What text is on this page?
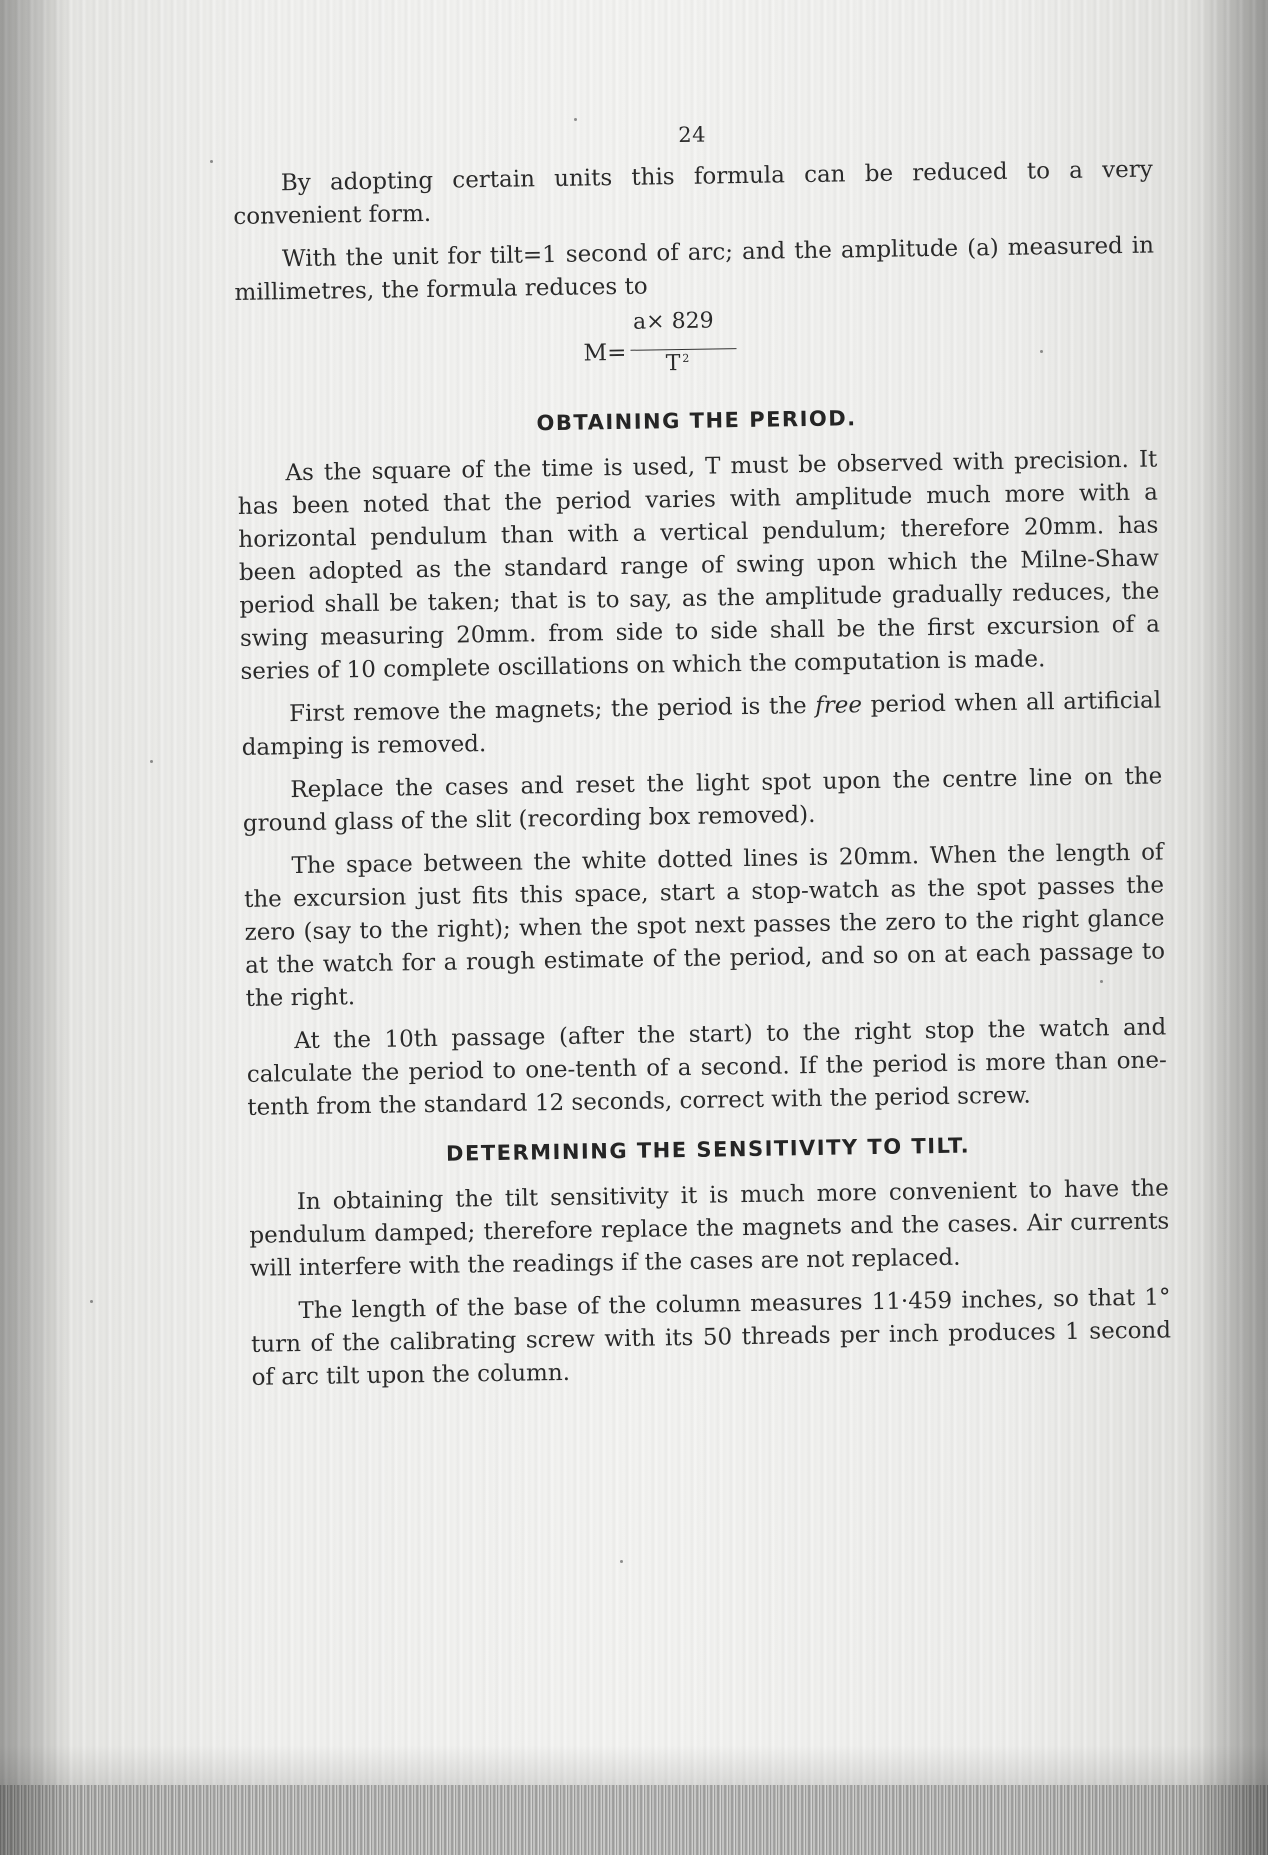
24

By adopting certain units this formula can be reduced to a very convenient form.

With the unit for tilt=1 second of arc; and the amplitude (a) measured in millimetres, the formula reduces to

M=
a× 829
T $^2$
OBTAINING THE PERIOD.

As the square of the time is used, T must be observed with precision. It has been noted that the period varies with amplitude much more with a horizontal pendulum than with a vertical pendulum; therefore 20mm. has been adopted as the standard range of swing upon which the Milne-Shaw period shall be taken; that is to say, as the amplitude gradually reduces, the swing measuring 20mm. from side to side shall be the first excursion of a series of 10 complete oscillations on which the computation is made.

First remove the magnets; the period is the free period when all artificial damping is removed.

Replace the cases and reset the light spot upon the centre line on the ground glass of the slit (recording box removed).

The space between the white dotted lines is 20mm. When the length of the excursion just fits this space, start a stop-watch as the spot passes the zero (say to the right); when the spot next passes the zero to the right glance at the watch for a rough estimate of the period, and so on at each passage to the right.

At the 10th passage (after the start) to the right stop the watch and calculate the period to one-tenth of a second. If the period is more than one-tenth from the standard 12 seconds, correct with the period screw.

DETERMINING THE SENSITIVITY TO TILT.

In obtaining the tilt sensitivity it is much more convenient to have the pendulum damped; therefore replace the magnets and the cases. Air currents will interfere with the readings if the cases are not replaced.

The length of the base of the column measures 11·459 inches, so that 1° turn of the calibrating screw with its 50 threads per inch produces 1 second of arc tilt upon the column.
